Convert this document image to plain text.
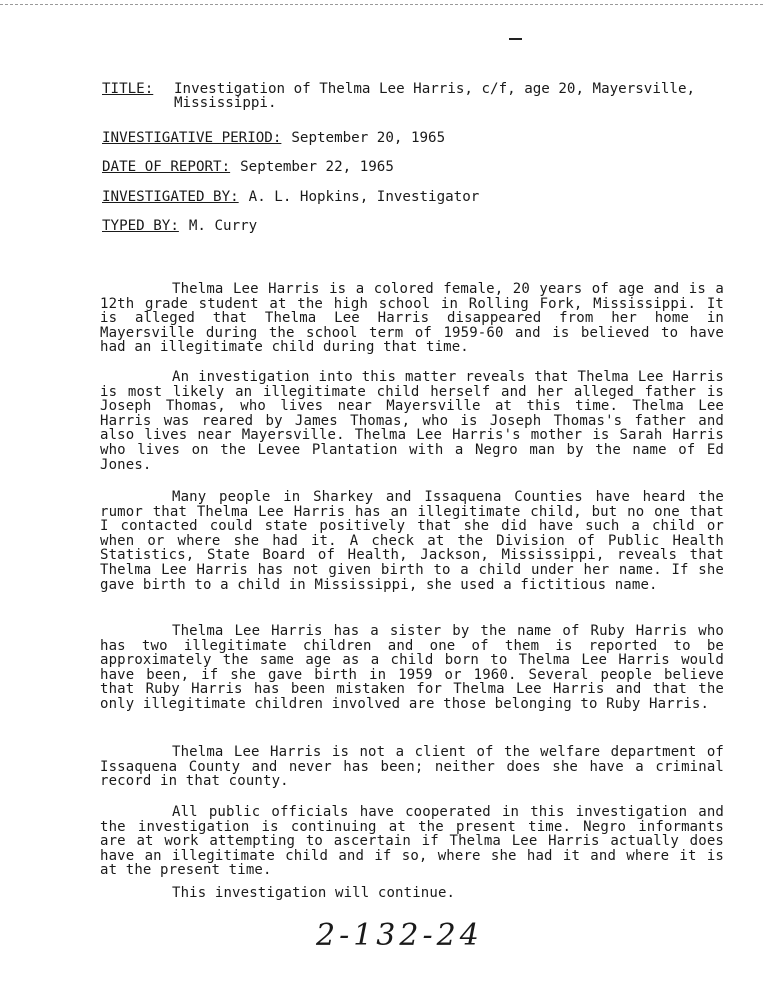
TITLE:	Investigation of Thelma Lee Harris, c/f, age 20, Mayersville,
Mississippi.
INVESTIGATIVE PERIOD: September 20, 1965
DATE OF REPORT: September 22, 1965
INVESTIGATED BY: A. L. Hopkins, Investigator
TYPED BY: M. Curry

Thelma Lee Harris is a colored female, 20 years of age and is a 12th grade student at the high school in Rolling Fork, Mississippi. It is alleged that Thelma Lee Harris disappeared from her home in Mayersville during the school term of 1959-60 and is believed to have had an illegitimate child during that time.

An investigation into this matter reveals that Thelma Lee Harris is most likely an illegitimate child herself and her alleged father is Joseph Thomas, who lives near Mayersville at this time. Thelma Lee Harris was reared by James Thomas, who is Joseph Thomas's father and also lives near Mayersville. Thelma Lee Harris's mother is Sarah Harris who lives on the Levee Plantation with a Negro man by the name of Ed Jones.

Many people in Sharkey and Issaquena Counties have heard the rumor that Thelma Lee Harris has an illegitimate child, but no one that I contacted could state positively that she did have such a child or when or where she had it. A check at the Division of Public Health Statistics, State Board of Health, Jackson, Mississippi, reveals that Thelma Lee Harris has not given birth to a child under her name. If she gave birth to a child in Mississippi, she used a fictitious name.

Thelma Lee Harris has a sister by the name of Ruby Harris who has two illegitimate children and one of them is reported to be approximately the same age as a child born to Thelma Lee Harris would have been, if she gave birth in 1959 or 1960. Several people believe that Ruby Harris has been mistaken for Thelma Lee Harris and that the only illegitimate children involved are those belonging to Ruby Harris.

Thelma Lee Harris is not a client of the welfare department of Issaquena County and never has been; neither does she have a criminal record in that county.

All public officials have cooperated in this investigation and the investigation is continuing at the present time. Negro informants are at work attempting to ascertain if Thelma Lee Harris actually does have an illegitimate child and if so, where she had it and where it is at the present time.

This investigation will continue.

2-132-24
